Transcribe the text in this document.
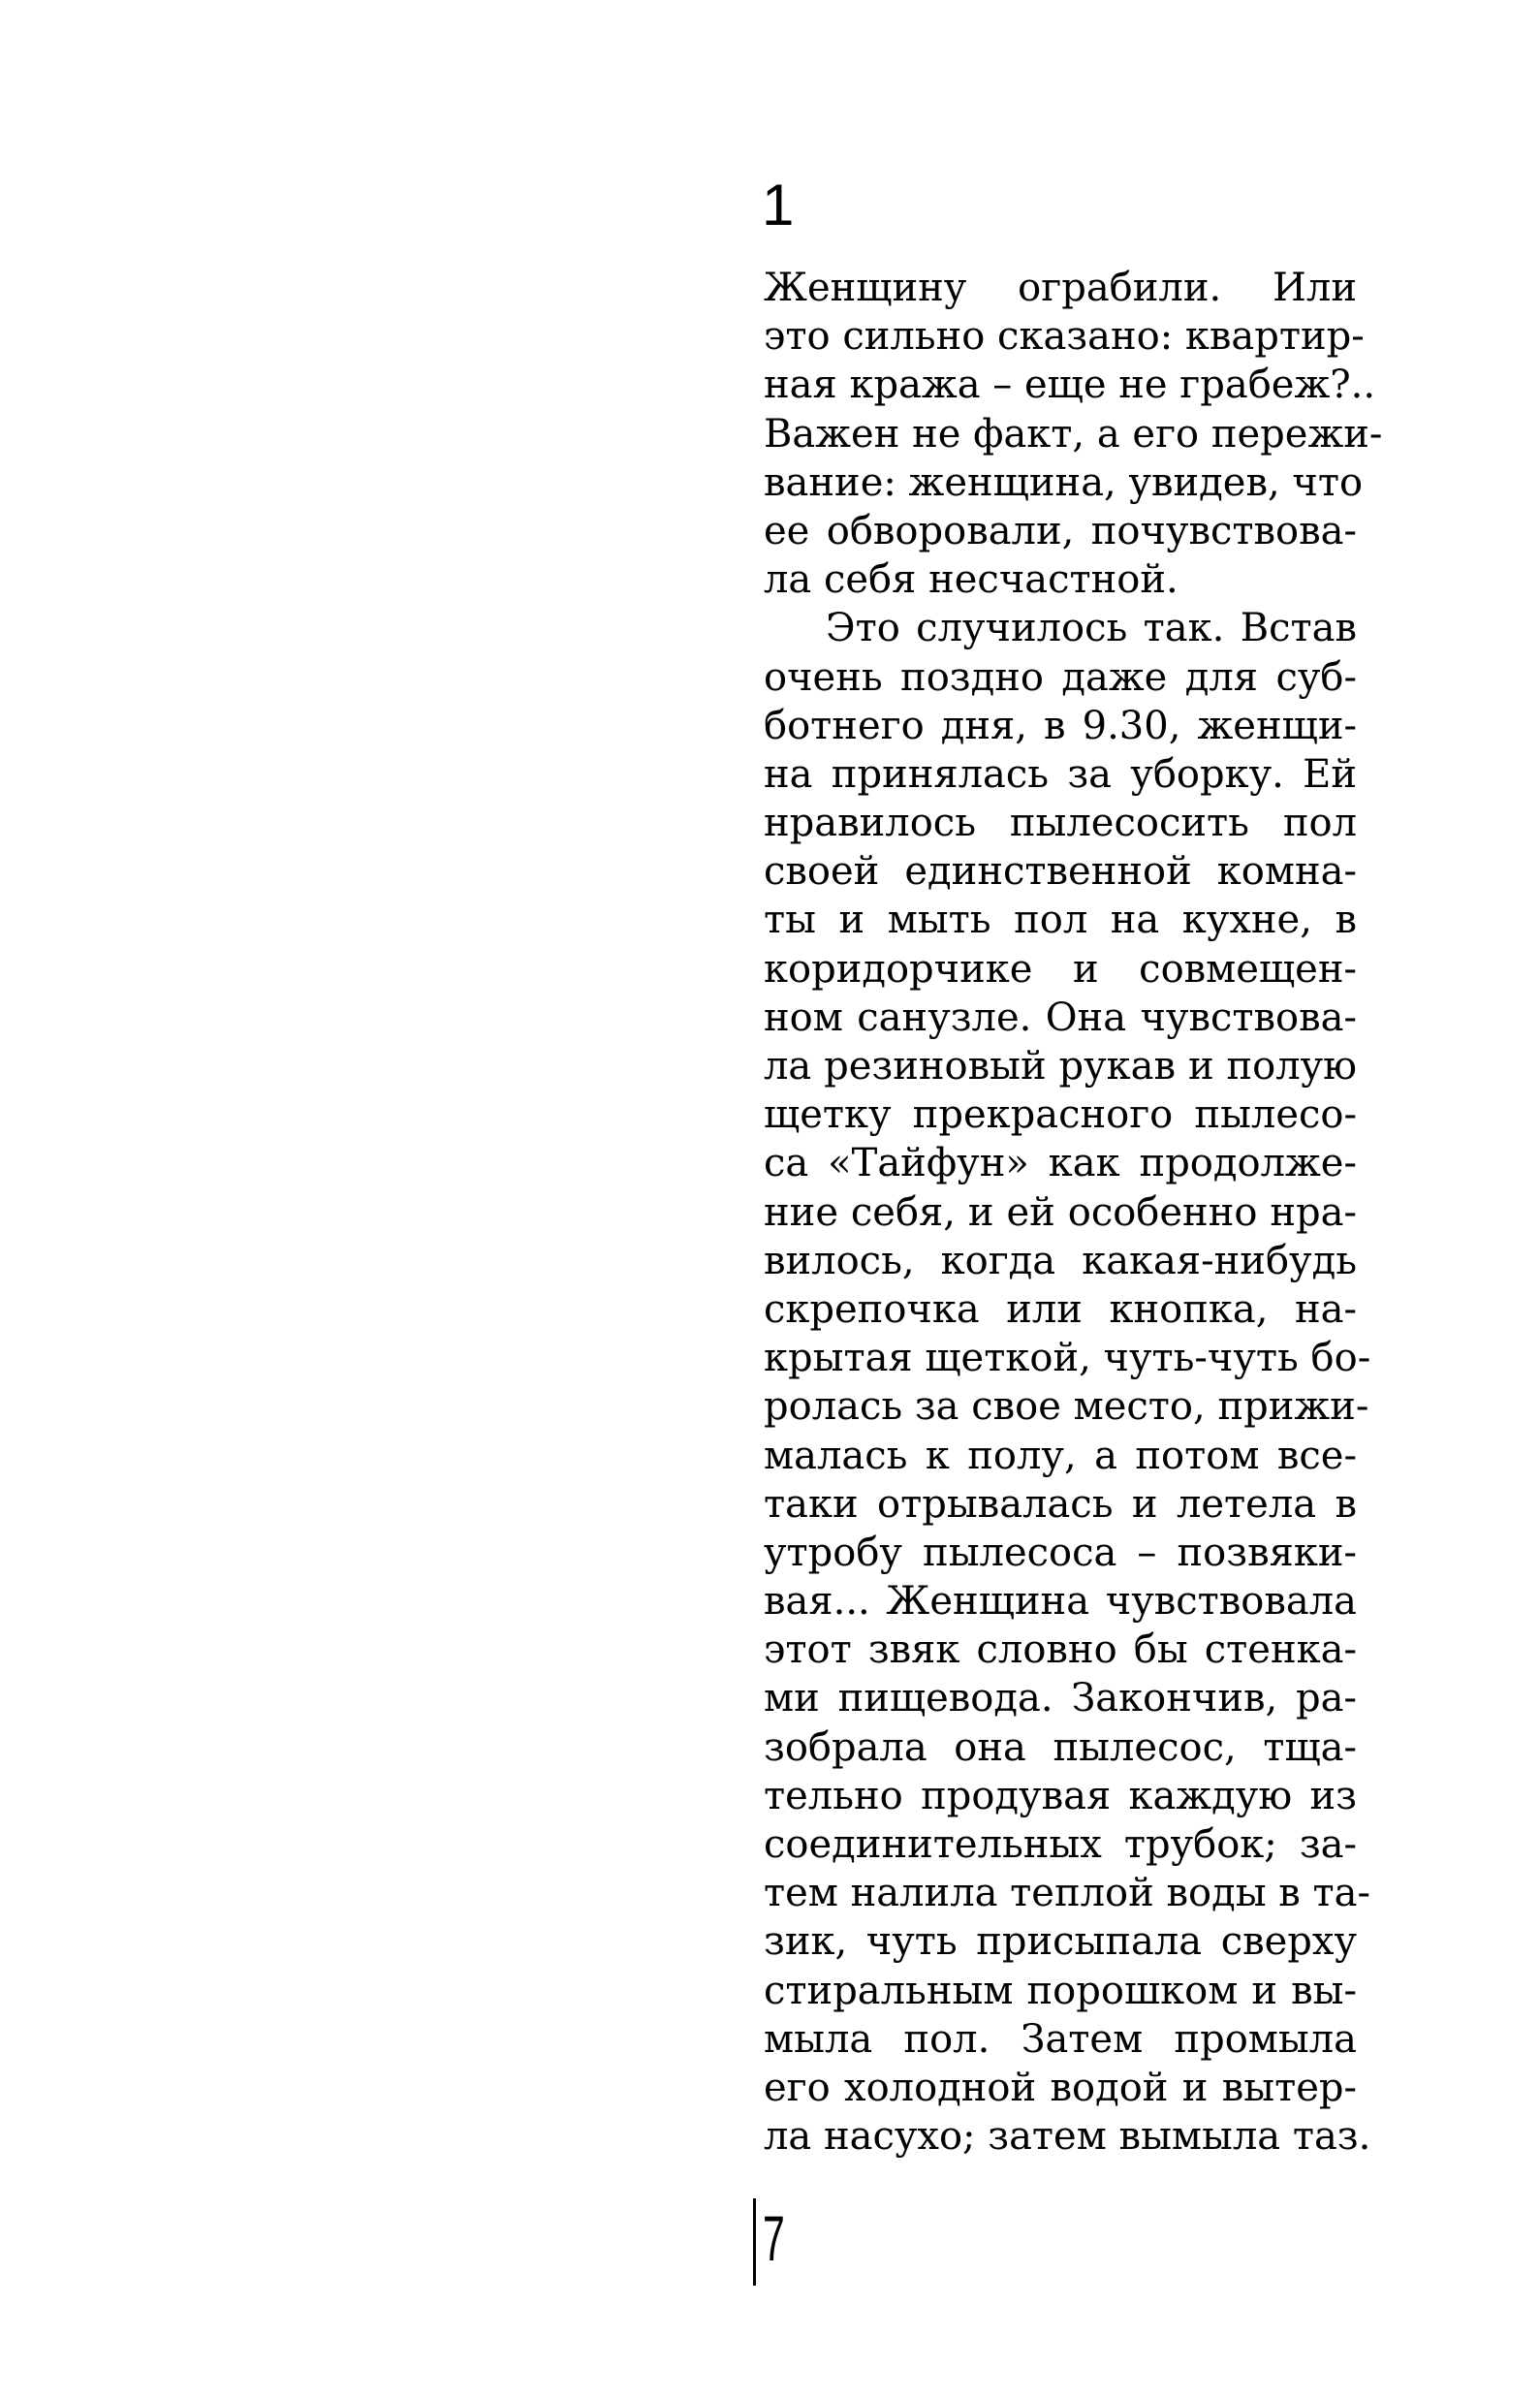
1
Женщину ограбили. Или
это сильно сказано: квартир-
ная кража – еще не грабеж?..
Важен не факт, а его пережи-
вание: женщина, увидев, что
ее обворовали, почувствова-
ла себя несчастной.
Это случилось так. Встав
очень поздно даже для суб-
ботнего дня, в 9.30, женщи-
на принялась за уборку. Ей
нравилось пылесосить пол
своей единственной комна-
ты и мыть пол на кухне, в
коридорчике и совмещен-
ном санузле. Она чувствова-
ла резиновый рукав и полую
щетку прекрасного пылесо-
са «Тайфун» как продолже-
ние себя, и ей особенно нра-
вилось, когда какая-нибудь
скрепочка или кнопка, на-
крытая щеткой, чуть-чуть бо-
ролась за свое место, прижи-
малась к полу, а потом все-
таки отрывалась и летела в
утробу пылесоса – позвяки-
вая... Женщина чувствовала
этот звяк словно бы стенка-
ми пищевода. Закончив, ра-
зобрала она пылесос, тща-
тельно продувая каждую из
соединительных трубок; за-
тем налила теплой воды в та-
зик, чуть присыпала сверху
стиральным порошком и вы-
мыла пол. Затем промыла
его холодной водой и вытер-
ла насухо; затем вымыла таз.
7
